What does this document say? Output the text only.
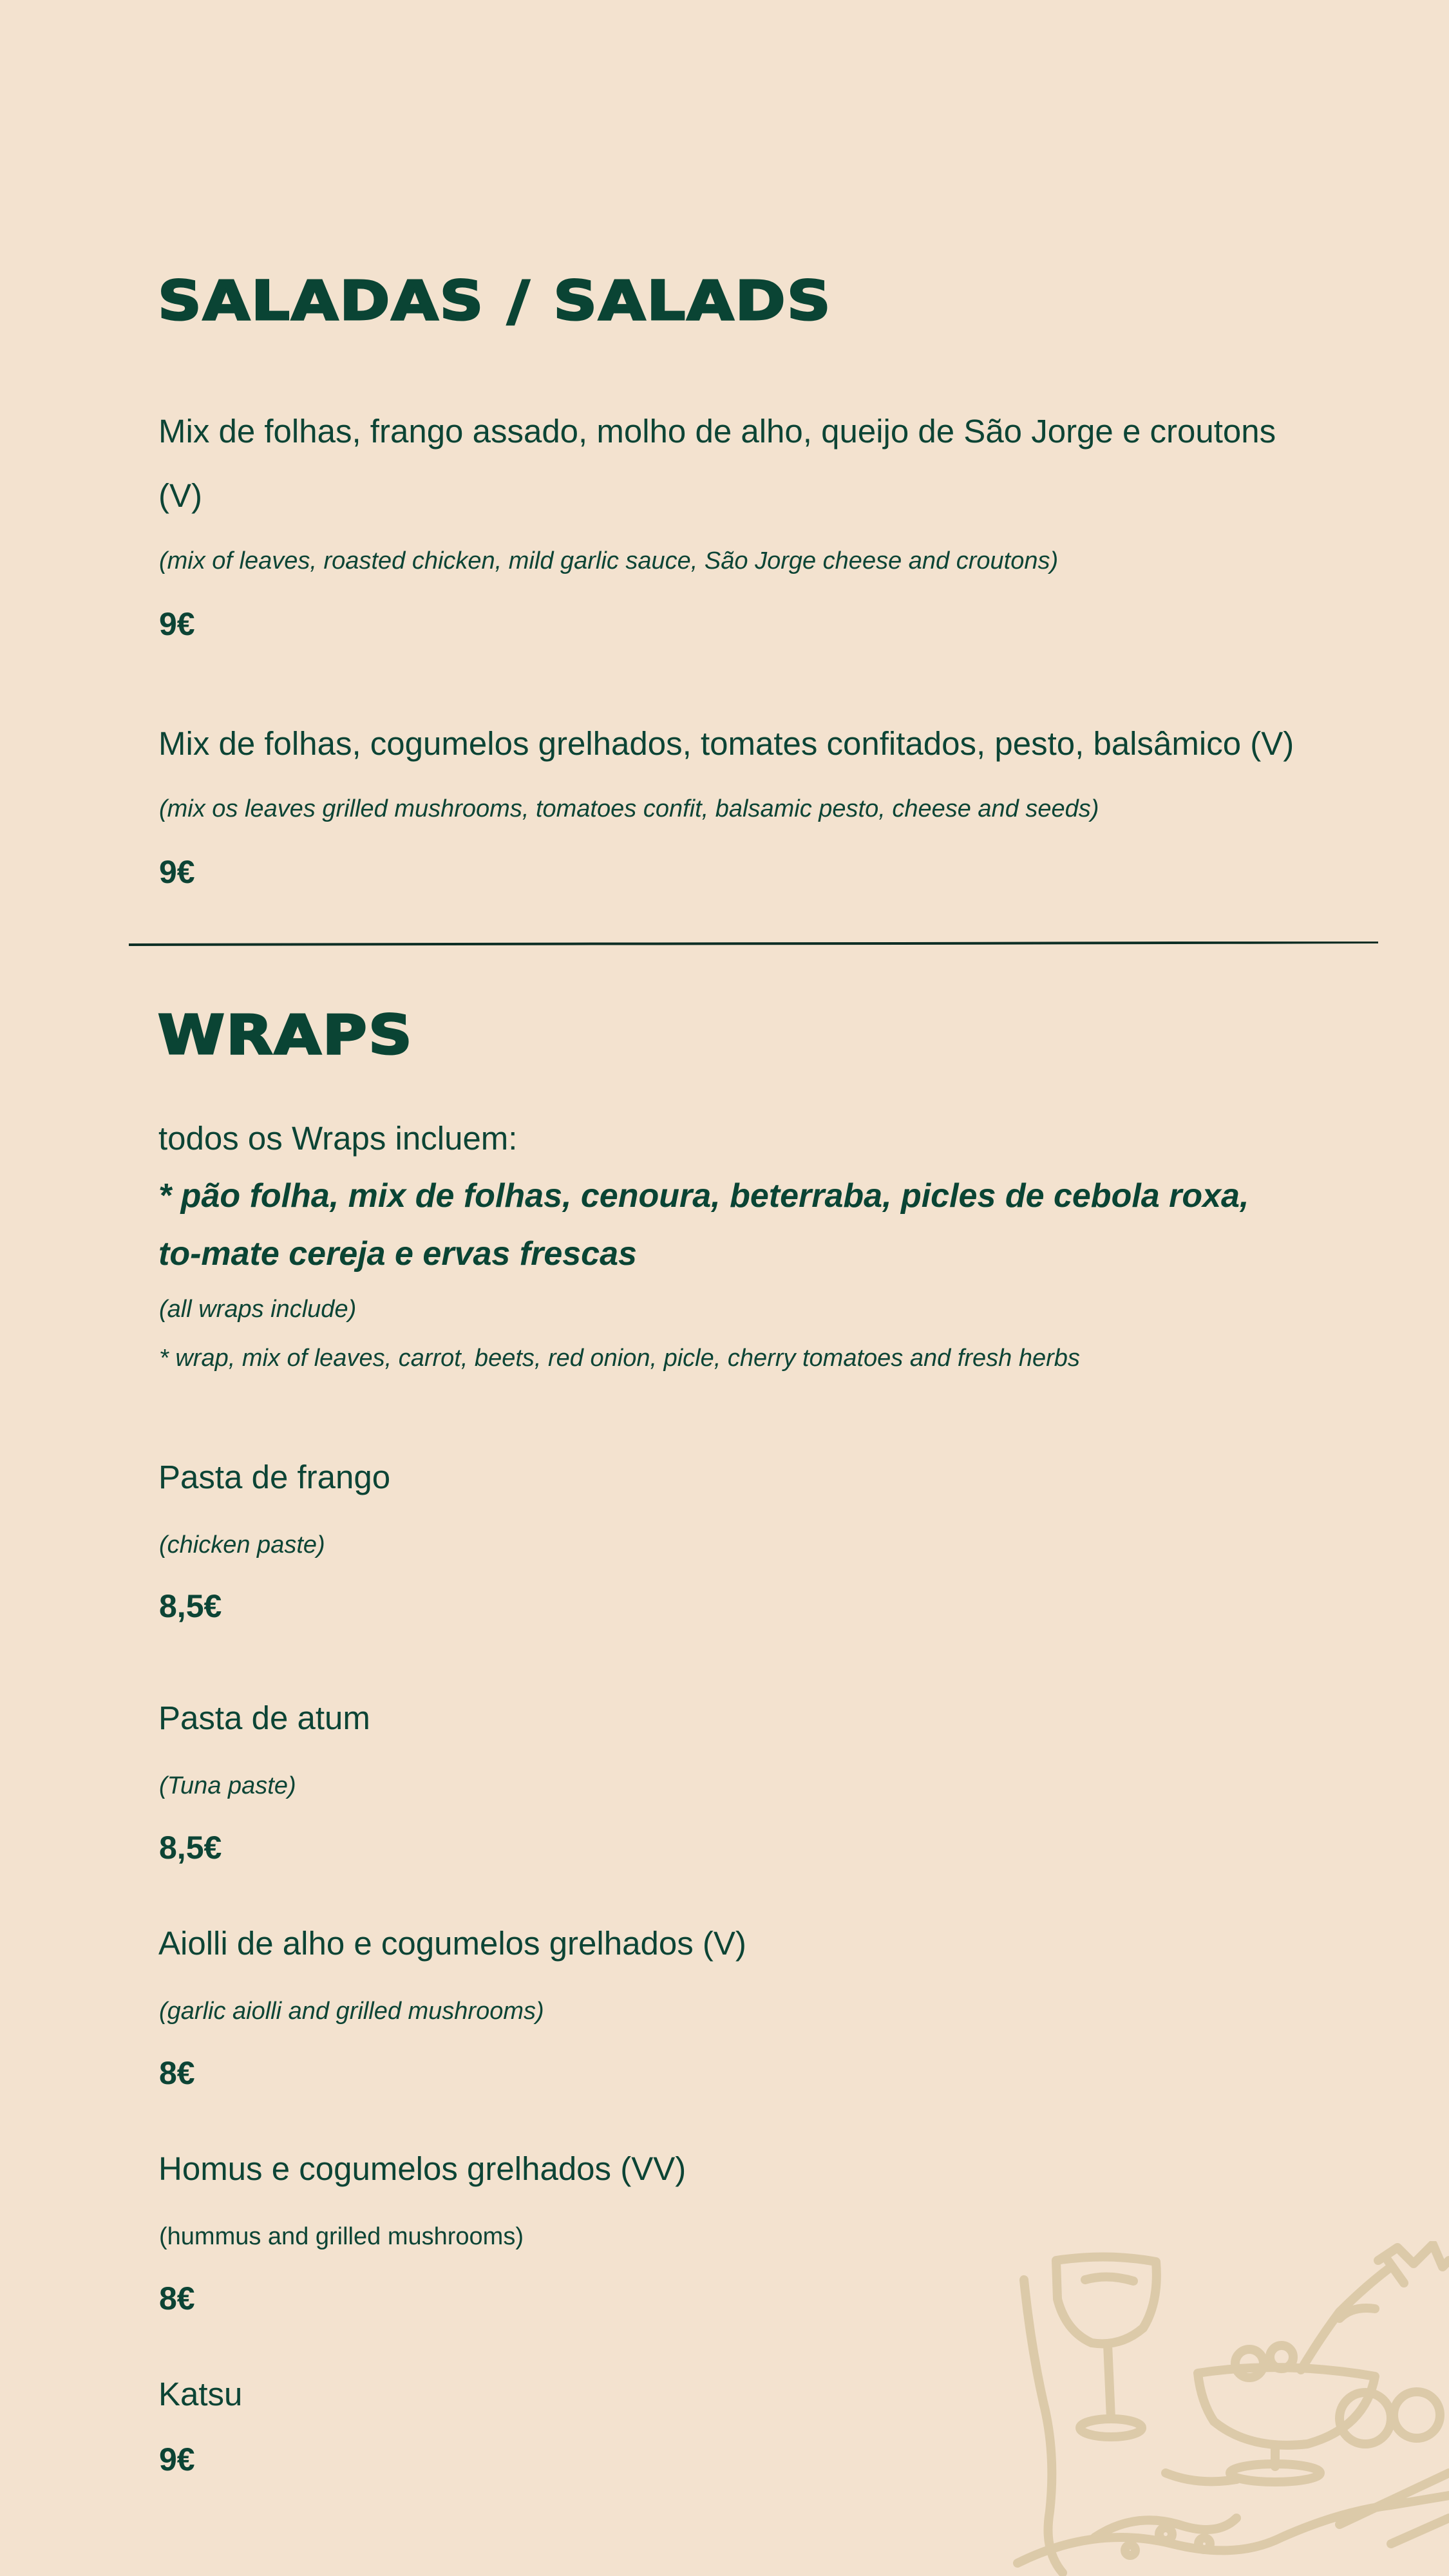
SALADAS / SALADS
Mix de folhas, frango assado, molho de alho, queijo de São Jorge e croutons (V)
(mix of leaves, roasted chicken, mild garlic sauce, São Jorge cheese and croutons)
9€
Mix de folhas, cogumelos grelhados, tomates confitados, pesto, balsâmico (V)
(mix os leaves grilled mushrooms, tomatoes confit, balsamic pesto, cheese and seeds)
9€
WRAPS
todos os Wraps incluem:
* pão folha, mix de folhas, cenoura, beterraba, picles de cebola roxa, to-mate cereja e ervas frescas
(all wraps include)
* wrap, mix of leaves, carrot, beets, red onion, picle, cherry tomatoes and fresh herbs
Pasta de frango
(chicken paste)
8,5€
Pasta de atum
(Tuna paste)
8,5€
Aiolli de alho e cogumelos grelhados (V)
(garlic aiolli and grilled mushrooms)
8€
Homus e cogumelos grelhados (VV)
(hummus and grilled mushrooms)
8€
Katsu
9€
